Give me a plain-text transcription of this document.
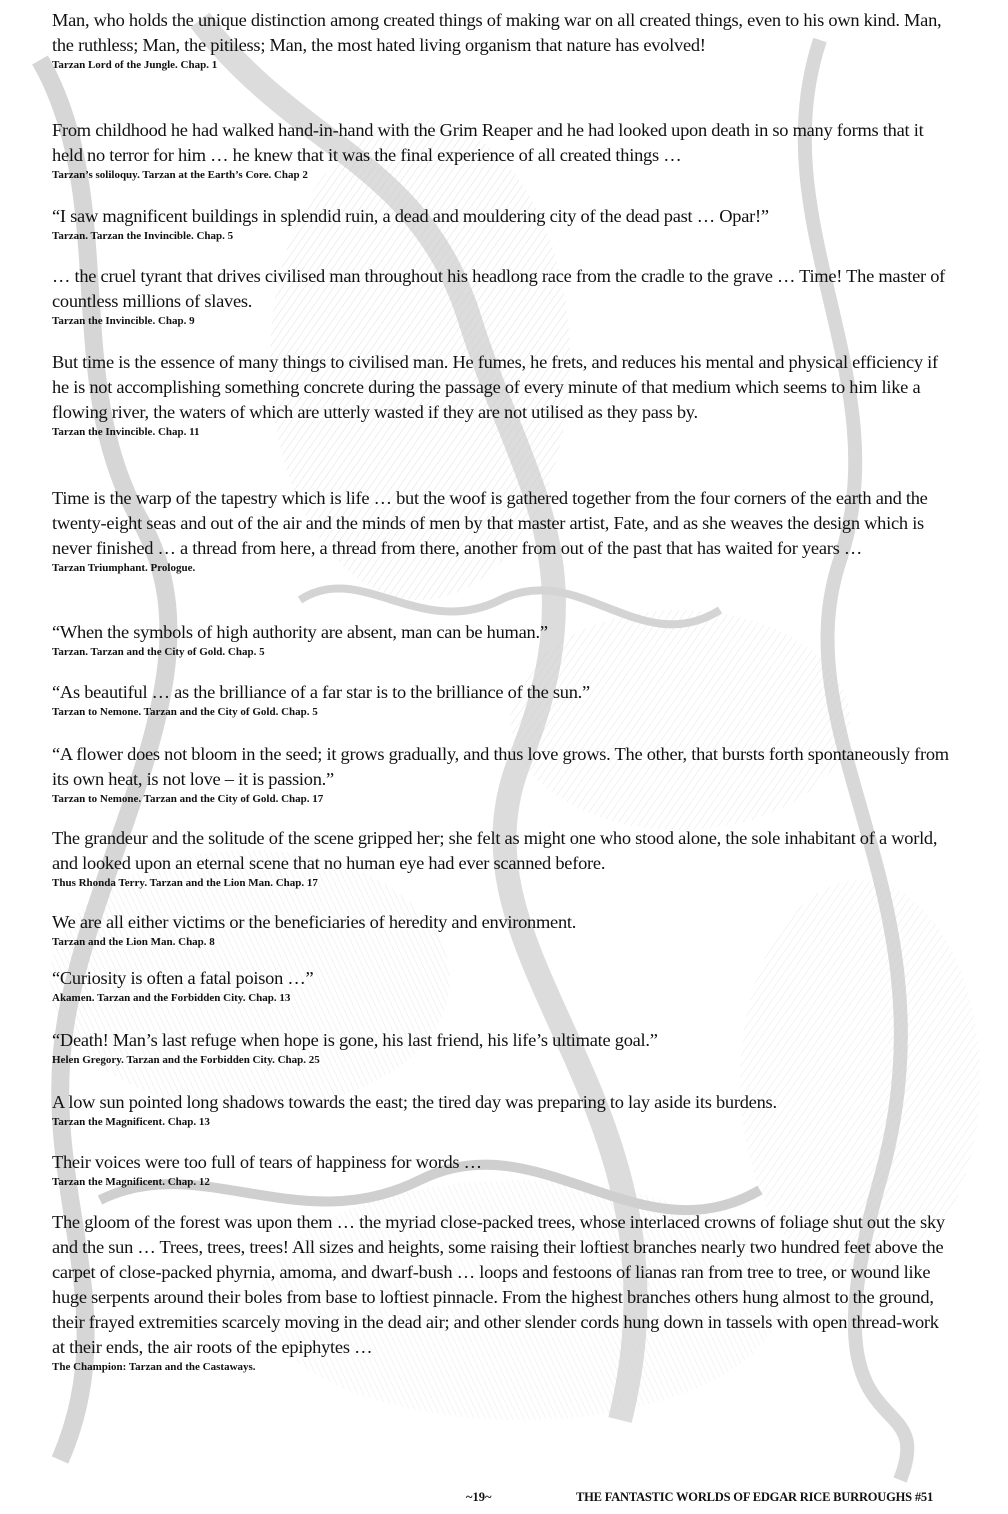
Man, who holds the unique distinction among created things of making war on all created things, even to his own kind. Man, the ruthless; Man, the pitiless; Man, the most hated living organism that nature has evolved!

Tarzan Lord of the Jungle. Chap. 1

From childhood he had walked hand-in-hand with the Grim Reaper and he had looked upon death in so many forms that it held no terror for him … he knew that it was the final experience of all created things …

Tarzan’s soliloquy. Tarzan at the Earth’s Core. Chap 2

“I saw magnificent buildings in splendid ruin, a dead and mouldering city of the dead past … Opar!”

Tarzan. Tarzan the Invincible. Chap. 5

… the cruel tyrant that drives civilised man throughout his headlong race from the cradle to the grave … Time! The master of countless millions of slaves.

Tarzan the Invincible. Chap. 9

But time is the essence of many things to civilised man. He fumes, he frets, and reduces his mental and physical efficiency if he is not accomplishing something concrete during the passage of every minute of that medium which seems to him like a flowing river, the waters of which are utterly wasted if they are not utilised as they pass by.

Tarzan the Invincible. Chap. 11

Time is the warp of the tapestry which is life … but the woof is gathered together from the four corners of the earth and the twenty-eight seas and out of the air and the minds of men by that master artist, Fate, and as she weaves the design which is never finished … a thread from here, a thread from there, another from out of the past that has waited for years …

Tarzan Triumphant. Prologue.

“When the symbols of high authority are absent, man can be human.”

Tarzan. Tarzan and the City of Gold. Chap. 5

“As beautiful … as the brilliance of a far star is to the brilliance of the sun.”

Tarzan to Nemone. Tarzan and the City of Gold. Chap. 5

“A flower does not bloom in the seed; it grows gradually, and thus love grows. The other, that bursts forth spontaneously from its own heat, is not love – it is passion.”

Tarzan to Nemone. Tarzan and the City of Gold. Chap. 17

The grandeur and the solitude of the scene gripped her; she felt as might one who stood alone, the sole inhabitant of a world, and looked upon an eternal scene that no human eye had ever scanned before.

Thus Rhonda Terry. Tarzan and the Lion Man. Chap. 17

We are all either victims or the beneficiaries of heredity and environment.

Tarzan and the Lion Man. Chap. 8

“Curiosity is often a fatal poison …”

Akamen. Tarzan and the Forbidden City. Chap. 13

“Death! Man’s last refuge when hope is gone, his last friend, his life’s ultimate goal.”

Helen Gregory. Tarzan and the Forbidden City. Chap. 25

A low sun pointed long shadows towards the east; the tired day was preparing to lay aside its burdens.

Tarzan the Magnificent. Chap. 13

Their voices were too full of tears of happiness for words …

Tarzan the Magnificent. Chap. 12

The gloom of the forest was upon them … the myriad close-packed trees, whose interlaced crowns of foliage shut out the sky and the sun … Trees, trees, trees! All sizes and heights, some raising their loftiest branches nearly two hundred feet above the carpet of close-packed phyrnia, amoma, and dwarf-bush … loops and festoons of lianas ran from tree to tree, or wound like huge serpents around their boles from base to loftiest pinnacle. From the highest branches others hung almost to the ground, their frayed extremities scarcely moving in the dead air; and other slender cords hung down in tassels with open thread-work at their ends, the air roots of the epiphytes …

The Champion: Tarzan and the Castaways.

~19~	THE FANTASTIC WORLDS OF EDGAR RICE BURROUGHS #51
